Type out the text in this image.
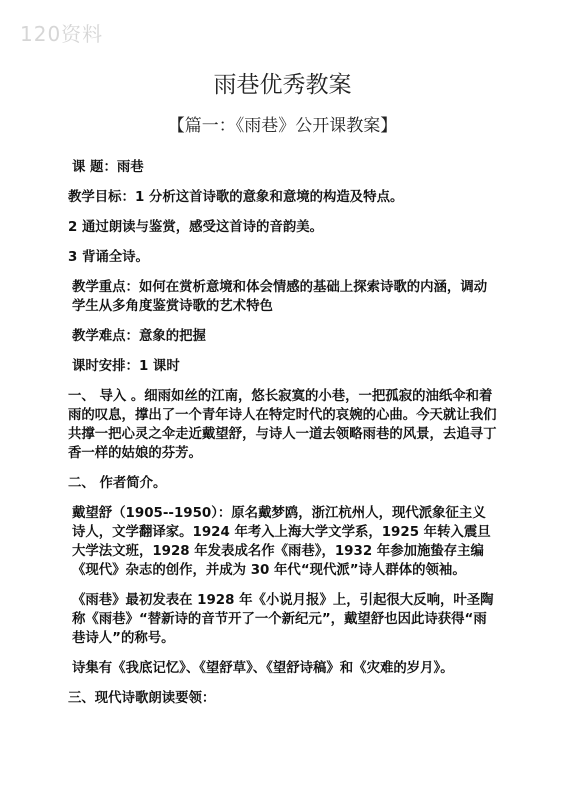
120资料
雨巷优秀教案
【篇一：《雨巷》公开课教案】

课 题：雨巷

教学目标：1 分析这首诗歌的意象和意境的构造及特点。

2 通过朗读与鉴赏，感受这首诗的音韵美。

3 背诵全诗。

教学重点：如何在赏析意境和体会情感的基础上探索诗歌的内涵，调动学生从多角度鉴赏诗歌的艺术特色

教学难点：意象的把握

课时安排：1 课时

一、 导入 。细雨如丝的江南，悠长寂寞的小巷，一把孤寂的油纸伞和着雨的叹息，撑出了一个青年诗人在特定时代的哀婉的心曲。今天就让我们共撑一把心灵之伞走近戴望舒，与诗人一道去领略雨巷的风景，去追寻丁香一样的姑娘的芬芳。

二、 作者简介。

戴望舒（1905--1950）：原名戴梦鸥，浙江杭州人，现代派象征主义诗人，文学翻译家。1924 年考入上海大学文学系，1925 年转入震旦大学法文班，1928 年发表成名作《雨巷》，1932 年参加施蛰存主编《现代》杂志的创作，并成为 30 年代“现代派”诗人群体的领袖。

《雨巷》最初发表在 1928 年《小说月报》上，引起很大反响，叶圣陶称《雨巷》“替新诗的音节开了一个新纪元”，戴望舒也因此诗获得“雨巷诗人”的称号。

诗集有《我底记忆》、《望舒草》、《望舒诗稿》和《灾难的岁月》。

三、现代诗歌朗读要领：
